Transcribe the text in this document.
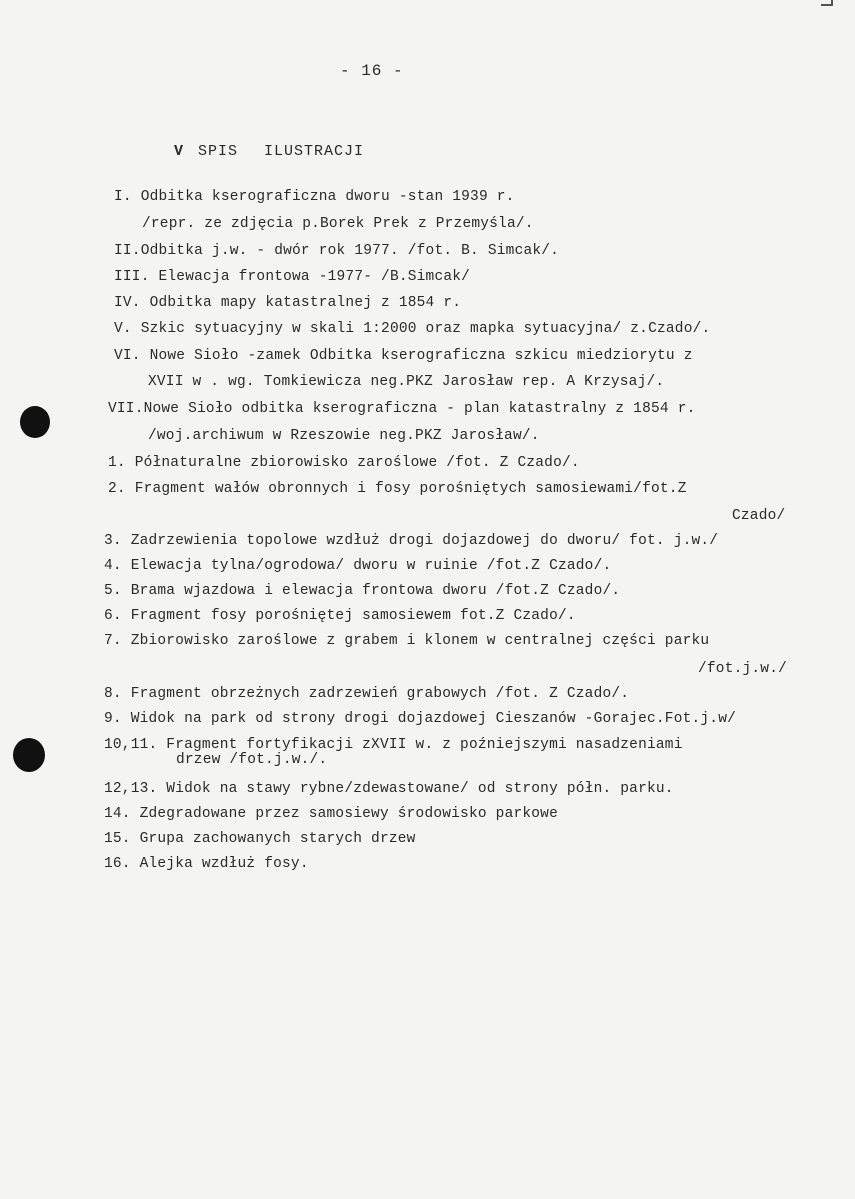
- 16 -
V SPIS ILUSTRACJI
I. Odbitka kserograficzna dworu -stan 1939 r.
/repr. ze zdjęcia p.Borek Prek z Przemyśla/.
II.Odbitka j.w. - dwór rok 1977. /fot. B. Simcak/.
III. Elewacja frontowa -1977- /B.Simcak/
IV. Odbitka mapy katastralnej z 1854 r.
V. Szkic sytuacyjny w skali 1:2000 oraz mapka sytuacyjna/ z.Czado/.
VI. Nowe Sioło -zamek Odbitka kserograficzna szkicu miedziorytu z
XVII w . wg. Tomkiewicza neg.PKZ Jarosław rep. A Krzysaj/.
VII.Nowe Sioło odbitka kserograficzna - plan katastralny z 1854 r.
/woj.archiwum w Rzeszowie neg.PKZ Jarosław/.
1. Półnaturalne zbiorowisko zaroślowe /fot. Z Czado/.
2. Fragment wałów obronnych i fosy porośniętych samosiewami/fot.Z
Czado/
3. Zadrzewienia topolowe wzdłuż drogi dojazdowej do dworu/ fot. j.w./
4. Elewacja tylna/ogrodowa/ dworu w ruinie /fot.Z Czado/.
5. Brama wjazdowa i elewacja frontowa dworu /fot.Z Czado/.
6. Fragment fosy porośniętej samosiewem fot.Z Czado/.
7. Zbiorowisko zaroślowe z grabem i klonem w centralnej części parku
/fot.j.w./
8. Fragment obrzeżnych zadrzewień grabowych /fot. Z Czado/.
9. Widok na park od strony drogi dojazdowej Cieszanów -Gorajec.Fot.j.w/
10,11. Fragment fortyfikacji zXVII w. z poźniejszymi nasadzeniami
drzew /fot.j.w./.
12,13. Widok na stawy rybne/zdewastowane/ od strony półn. parku.
14. Zdegradowane przez samosiewy środowisko parkowe
15. Grupa zachowanych starych drzew
16. Alejka wzdłuż fosy.
